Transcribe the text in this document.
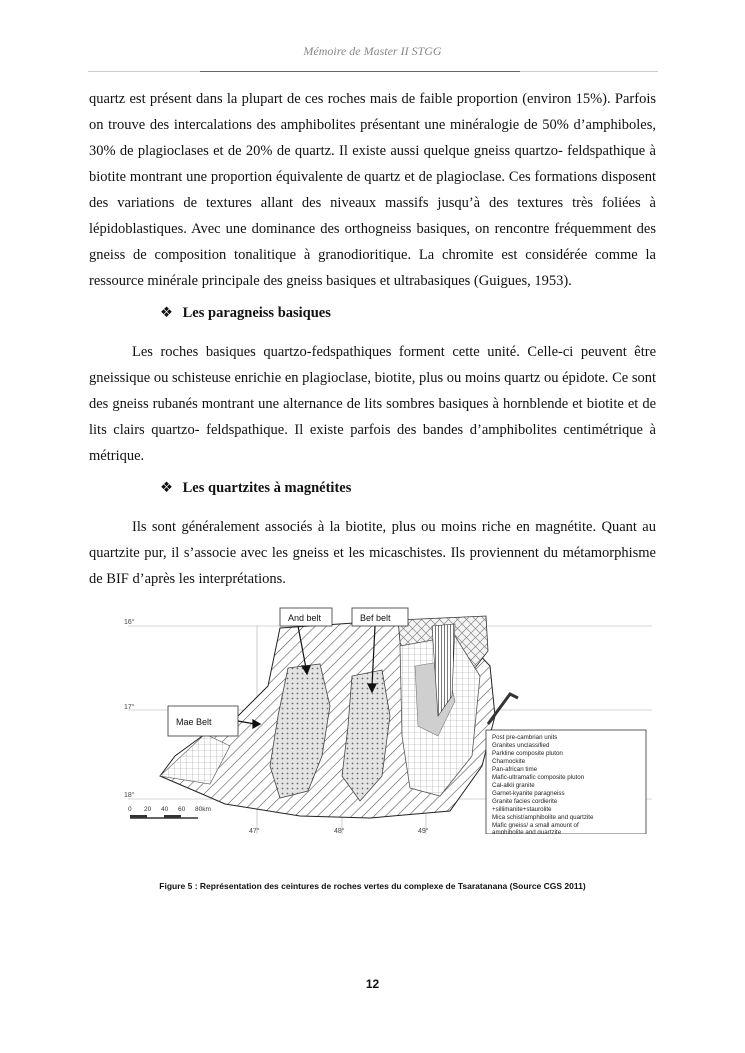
Mémoire de Master II STGG

quartz est présent dans la plupart de ces roches mais de faible proportion (environ 15%). Parfois on trouve des intercalations des amphibolites présentant une minéralogie de 50% d’amphiboles, 30% de plagioclases et de 20% de quartz. Il existe aussi quelque gneiss quartzo- feldspathique à biotite montrant une proportion équivalente de quartz et de plagioclase. Ces formations disposent des variations de textures allant des niveaux massifs jusqu’à des textures très foliées à lépidoblastiques. Avec une dominance des orthogneiss basiques, on rencontre fréquemment des gneiss de composition tonalitique à granodioritique. La chromite est considérée comme la ressource minérale principale des gneiss basiques et ultrabasiques (Guigues, 1953).

❖ Les paragneiss basiques

Les roches basiques quartzo-fedspathiques forment cette unité. Celle-ci peuvent être gneissique ou schisteuse enrichie en plagioclase, biotite, plus ou moins quartz ou épidote. Ce sont des gneiss rubanés montrant une alternance de lits sombres basiques à hornblende et biotite et de lits clairs quartzo- feldspathique. Il existe parfois des bandes d’amphibolites centimétrique à métrique.

❖ Les quartzites à magnétites

Ils sont généralement associés à la biotite, plus ou moins riche en magnétite. Quant au quartzite pur, il s’associe avec les gneiss et les micaschistes. Ils proviennent du métamorphisme de BIF d’après les interprétations.

16°
17°
18°
47°	48°	49°
And belt	Bef belt
Mae Belt
0 20 40 60 80km
Post pre-cambrian units
Granites unclassified
Parkline composite pluton
Charnockite
Pan-african time
Mafic-ultramafic composite pluton
Cal-alkli granite
Garnet-kyanite paragneiss
Granite facies cordierite
+sillimanite+staurolite
Mica schist/amphibolite and quartzite
Mafic gneiss/ a small amount of
amphibolite and quartzite
Figure 5 : Représentation des ceintures de roches vertes du complexe de Tsaratanana (Source CGS 2011)
12
